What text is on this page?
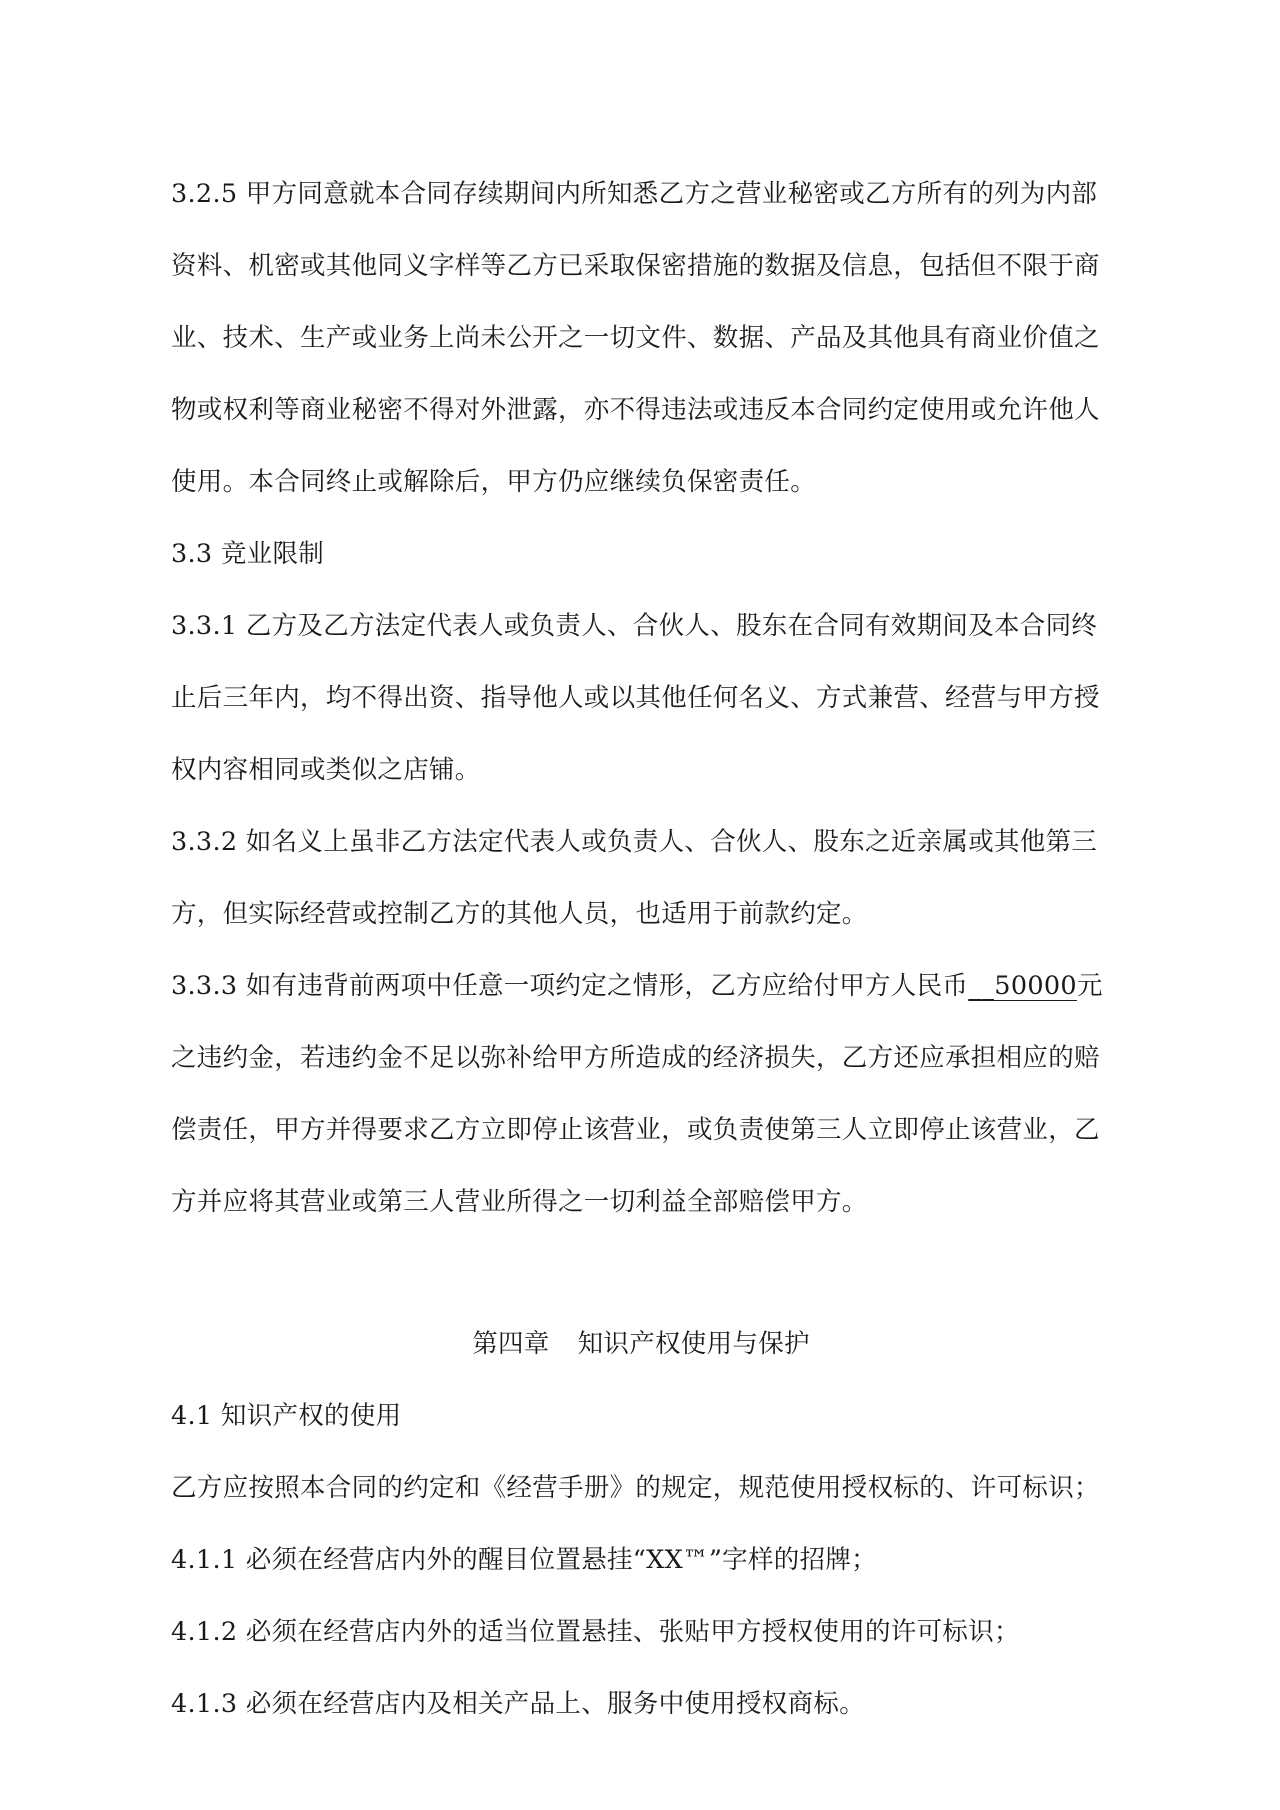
3.2.5 甲方同意就本合同存续期间内所知悉乙方之营业秘密或乙方所有的列为内部资料、机密或其他同义字样等乙方已采取保密措施的数据及信息，包括但不限于商业、技术、生产或业务上尚未公开之一切文件、数据、产品及其他具有商业价值之物或权利等商业秘密不得对外泄露，亦不得违法或违反本合同约定使用或允许他人使用。本合同终止或解除后，甲方仍应继续负保密责任。

3.3 竞业限制

3.3.1 乙方及乙方法定代表人或负责人、合伙人、股东在合同有效期间及本合同终止后三年内，均不得出资、指导他人或以其他任何名义、方式兼营、经营与甲方授权内容相同或类似之店铺。

3.3.2 如名义上虽非乙方法定代表人或负责人、合伙人、股东之近亲属或其他第三方，但实际经营或控制乙方的其他人员，也适用于前款约定。

3.3.3 如有违背前两项中任意一项约定之情形，乙方应给付甲方人民币__50000元之违约金，若违约金不足以弥补给甲方所造成的经济损失，乙方还应承担相应的赔偿责任，甲方并得要求乙方立即停止该营业，或负责使第三人立即停止该营业，乙方并应将其营业或第三人营业所得之一切利益全部赔偿甲方。

第四章 知识产权使用与保护

4.1 知识产权的使用

乙方应按照本合同的约定和《经营手册》的规定，规范使用授权标的、许可标识；

4.1.1 必须在经营店内外的醒目位置悬挂“XX™”字样的招牌；

4.1.2 必须在经营店内外的适当位置悬挂、张贴甲方授权使用的许可标识；

4.1.3 必须在经营店内及相关产品上、服务中使用授权商标。
